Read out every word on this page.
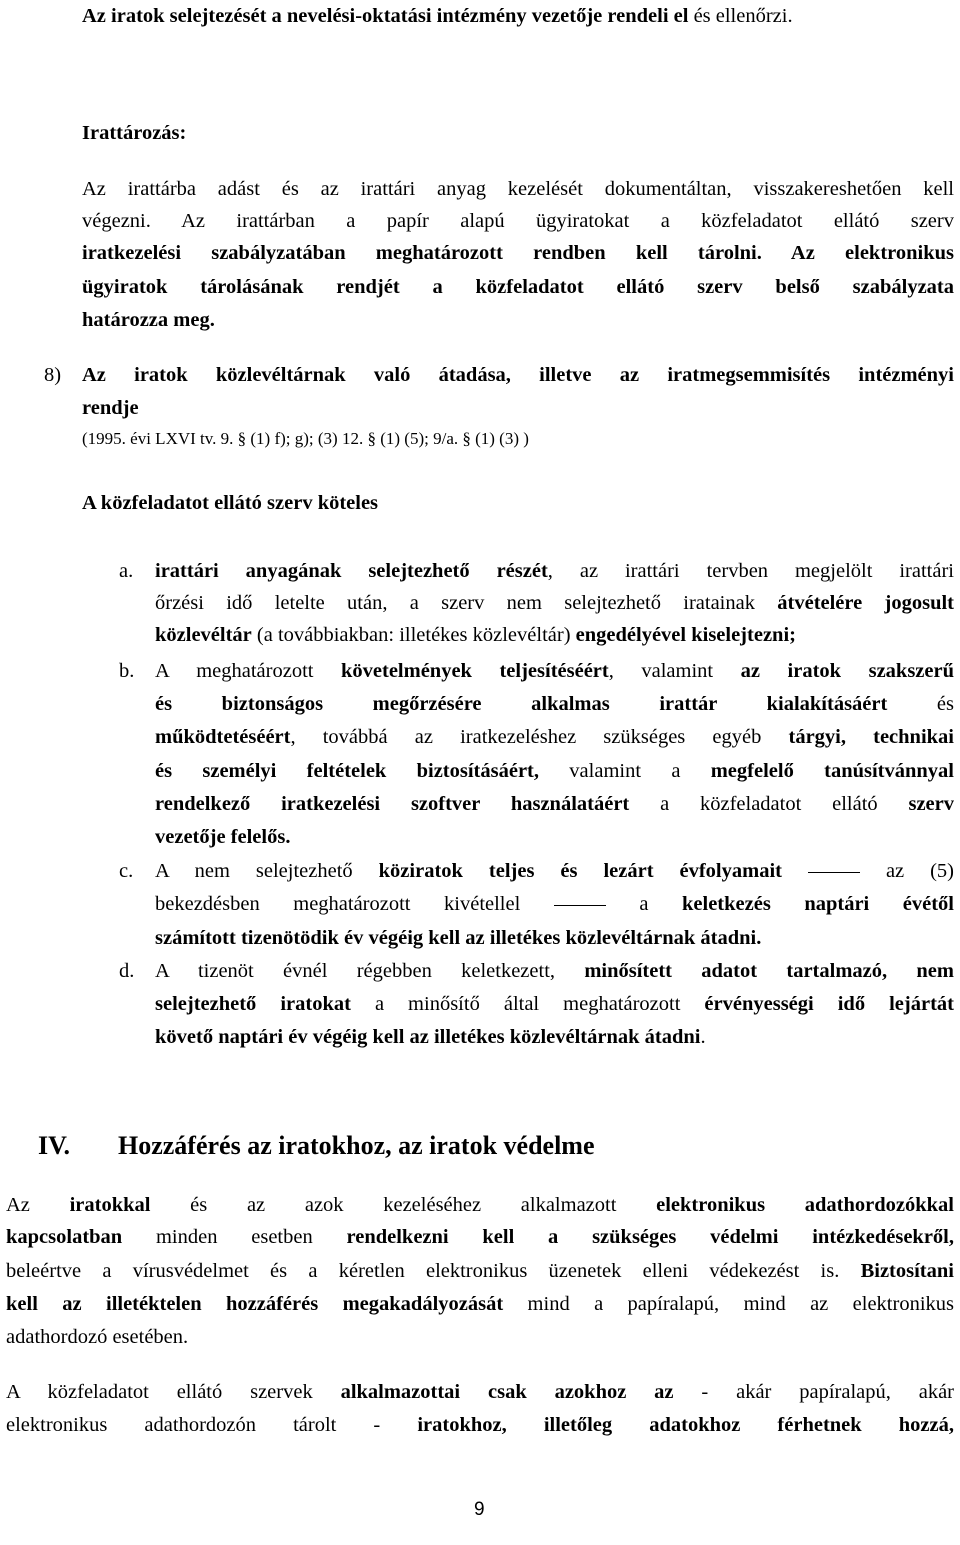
Az iratok selejtezését a nevelési-oktatási intézmény vezetője rendeli el és ellenőrzi.
Irattározás:
Az irattárba adást és az irattári anyag kezelését dokumentáltan, visszakereshetően kell
végezni. Az irattárban a papír alapú ügyiratokat a közfeladatot ellátó szerv
iratkezelési szabályzatában meghatározott rendben kell tárolni. Az elektronikus
ügyiratok tárolásának rendjét a közfeladatot ellátó szerv belső szabályzata
határozza meg.
8) Az iratok közlevéltárnak való átadása, illetve az iratmegsemmisítés intézményi
rendje
(1995. évi LXVI tv. 9. § (1) f); g); (3) 12. § (1) (5); 9/a. § (1) (3) )
A közfeladatot ellátó szerv köteles
a. irattári anyagának selejtezhető részét, az irattári tervben megjelölt irattári
őrzési idő letelte után, a szerv nem selejtezhető iratainak átvételére jogosult
közlevéltár (a továbbiakban: illetékes közlevéltár) engedélyével kiselejtezni;
b. A meghatározott követelmények teljesítéséért, valamint az iratok szakszerű
és biztonságos megőrzésére alkalmas irattár kialakításáért és
működtetéséért, továbbá az iratkezeléshez szükséges egyéb tárgyi, technikai
és személyi feltételek biztosításáért, valamint a megfelelő tanúsítvánnyal
rendelkező iratkezelési szoftver használatáért a közfeladatot ellátó szerv
vezetője felelős.
c. A nem selejtezhető köziratok teljes és lezárt évfolyamait	az (5)
bekezdésben meghatározott kivétellel	a keletkezés naptári évétől
számított tizenötödik év végéig kell az illetékes közlevéltárnak átadni.
d. A tizenöt évnél régebben keletkezett, minősített adatot tartalmazó, nem
selejtezhető iratokat a minősítő által meghatározott érvényességi idő lejártát
követő naptári év végéig kell az illetékes közlevéltárnak átadni.
IV. Hozzáférés az iratokhoz, az iratok védelme
Az iratokkal és az azok kezeléséhez alkalmazott elektronikus adathordozókkal
kapcsolatban minden esetben rendelkezni kell a szükséges védelmi intézkedésekről,
beleértve a vírusvédelmet és a kéretlen elektronikus üzenetek elleni védekezést is. Biztosítani
kell az illetéktelen hozzáférés megakadályozását mind a papíralapú, mind az elektronikus
adathordozó esetében.
A közfeladatot ellátó szervek alkalmazottai csak azokhoz az - akár papíralapú, akár
elektronikus adathordozón tárolt - iratokhoz, illetőleg adatokhoz férhetnek hozzá,
9
